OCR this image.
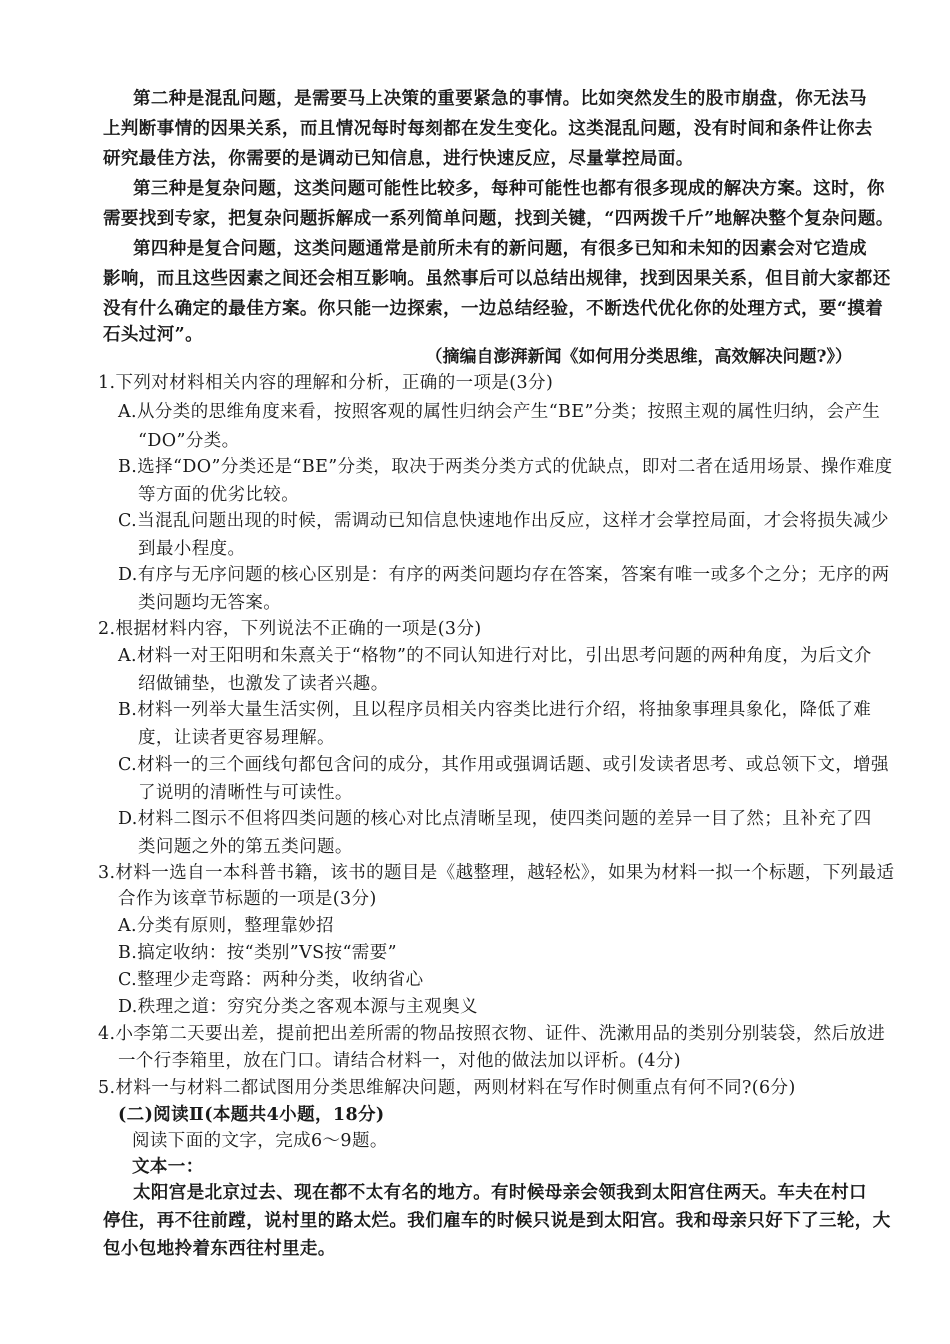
第二种是混乱问题，是需要马上决策的重要紧急的事情。比如突然发生的股市崩盘，你无法马
上判断事情的因果关系，而且情况每时每刻都在发生变化。这类混乱问题，没有时间和条件让你去
研究最佳方法，你需要的是调动已知信息，进行快速反应，尽量掌控局面。
第三种是复杂问题，这类问题可能性比较多，每种可能性也都有很多现成的解决方案。这时，你
需要找到专家，把复杂问题拆解成一系列简单问题，找到关键，“四两拨千斤”地解决整个复杂问题。
第四种是复合问题，这类问题通常是前所未有的新问题，有很多已知和未知的因素会对它造成
影响，而且这些因素之间还会相互影响。虽然事后可以总结出规律，找到因果关系，但目前大家都还
没有什么确定的最佳方案。你只能一边探索，一边总结经验，不断迭代优化你的处理方式，要“摸着
石头过河”。
（摘编自澎湃新闻《如何用分类思维，高效解决问题?》）
1.下列对材料相关内容的理解和分析，正确的一项是(3分)
A.从分类的思维角度来看，按照客观的属性归纳会产生“BE”分类；按照主观的属性归纳，会产生
“DO”分类。
B.选择“DO”分类还是“BE”分类，取决于两类分类方式的优缺点，即对二者在适用场景、操作难度
等方面的优劣比较。
C.当混乱问题出现的时候，需调动已知信息快速地作出反应，这样才会掌控局面，才会将损失减少
到最小程度。
D.有序与无序问题的核心区别是：有序的两类问题均存在答案，答案有唯一或多个之分；无序的两
类问题均无答案。
2.根据材料内容，下列说法不正确的一项是(3分)
A.材料一对王阳明和朱熹关于“格物”的不同认知进行对比，引出思考问题的两种角度，为后文介
绍做铺垫，也激发了读者兴趣。
B.材料一列举大量生活实例，且以程序员相关内容类比进行介绍，将抽象事理具象化，降低了难
度，让读者更容易理解。
C.材料一的三个画线句都包含问的成分，其作用或强调话题、或引发读者思考、或总领下文，增强
了说明的清晰性与可读性。
D.材料二图示不但将四类问题的核心对比点清晰呈现，使四类问题的差异一目了然；且补充了四
类问题之外的第五类问题。
3.材料一选自一本科普书籍，该书的题目是《越整理，越轻松》，如果为材料一拟一个标题，下列最适
合作为该章节标题的一项是(3分)
A.分类有原则，整理靠妙招
B.搞定收纳：按“类别”VS按“需要”
C.整理少走弯路：两种分类，收纳省心
D.秩理之道：穷究分类之客观本源与主观奥义
4.小李第二天要出差，提前把出差所需的物品按照衣物、证件、洗漱用品的类别分别装袋，然后放进
一个行李箱里，放在门口。请结合材料一，对他的做法加以评析。(4分)
5.材料一与材料二都试图用分类思维解决问题，两则材料在写作时侧重点有何不同?(6分)
(二)阅读Ⅱ(本题共4小题，18分)
阅读下面的文字，完成6～9题。
文本一：
太阳宫是北京过去、现在都不太有名的地方。有时候母亲会领我到太阳宫住两天。车夫在村口
停住，再不往前蹚，说村里的路太烂。我们雇车的时候只说是到太阳宫。我和母亲只好下了三轮，大
包小包地拎着东西往村里走。
